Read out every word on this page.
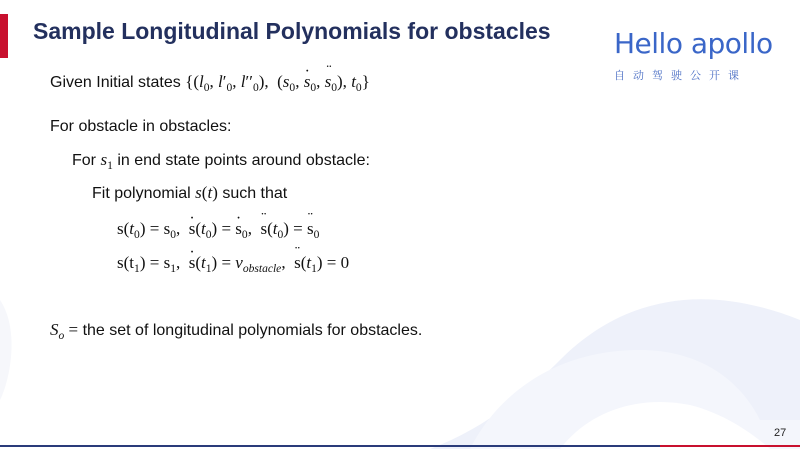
Sample Longitudinal Polynomials for obstacles Hello apollo
自动驾驶公开课
Given Initial states {($l_0$, $l'_0$, $l''_0$),  ($s_0$, · $s_0$, ¨ $s_0$), $t_0$}
For obstacle in obstacles:
For $s_1$ in end state points around obstacle:
Fit polynomial s(t) such that
$s(t_0) = s_0$,  · $s(t_0)$ = · $s_0$,  ¨ $s(t_0)$ = ¨ $s_0$
$s(t_1) = s_1$,  · $s(t_1) = v_{obstacle}$,  ¨ $s(t_1) = 0$
$S_o$ = the set of longitudinal polynomials for obstacles.
27
